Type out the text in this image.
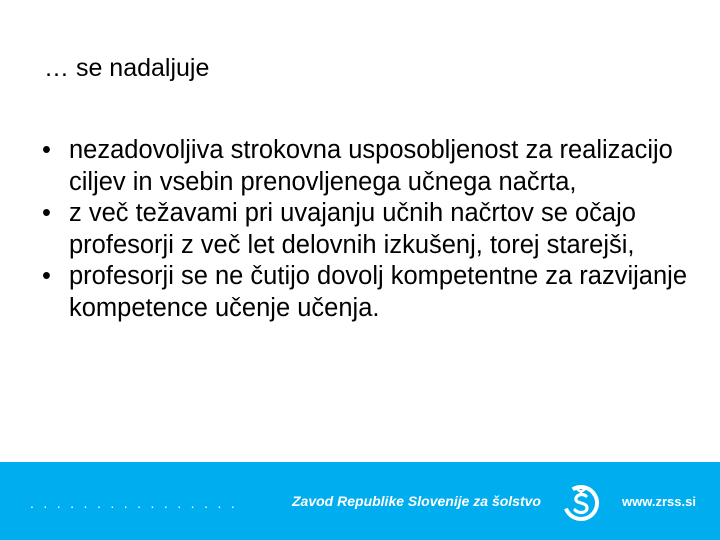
… se nadaljuje
• nezadovoljiva strokovna usposobljenost za realizacijo ciljev in vsebin prenovljenega učnega načrta,
• z več težavami pri uvajanju učnih načrtov se očajo profesorji z več let delovnih izkušenj, torej starejši,
• profesorji se ne čutijo dovolj kompetentne za razvijanje kompetence učenje učenja.
................	Zavod Republike Slovenije za šolstvo	www.zrss.si
